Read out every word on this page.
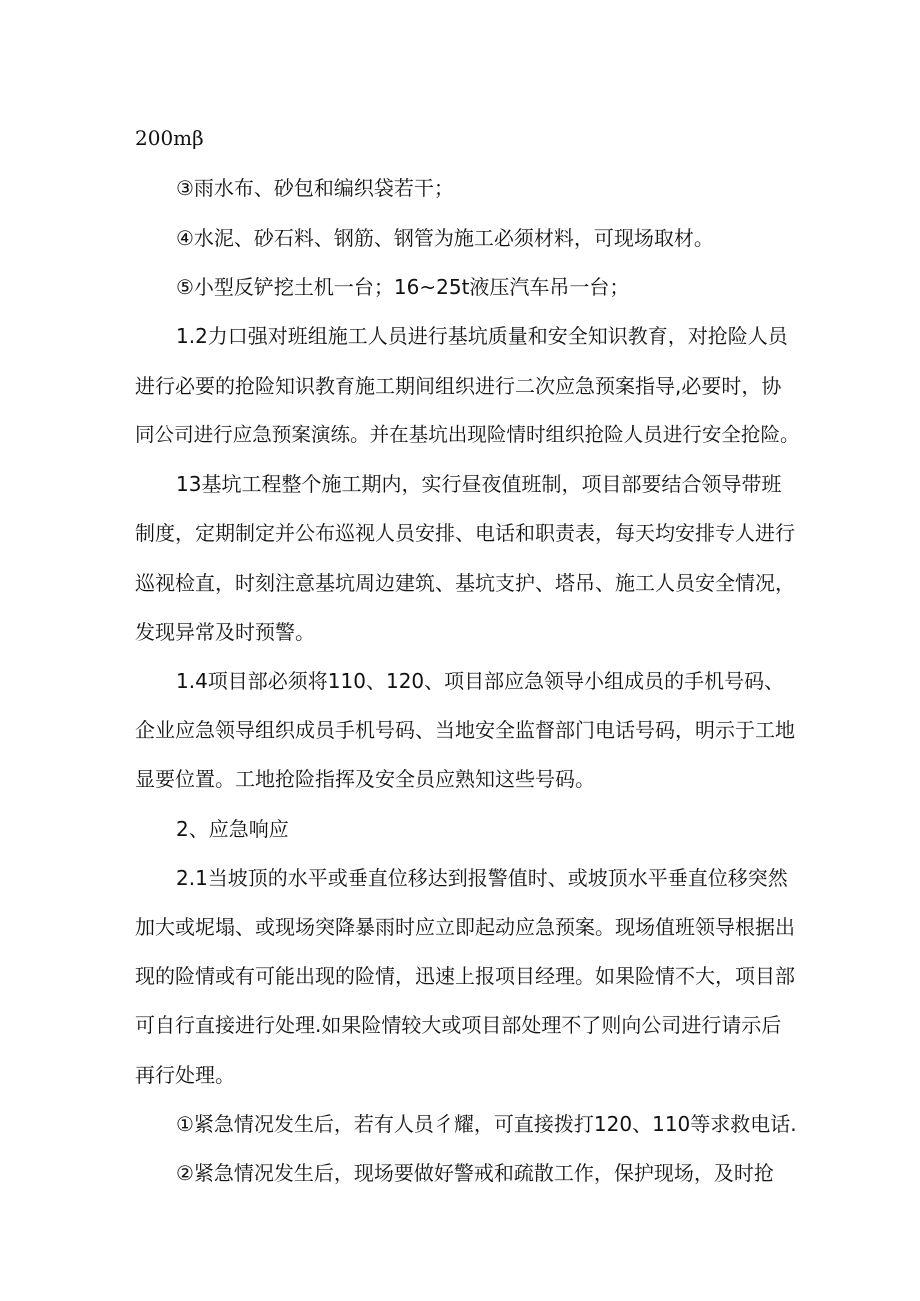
200mβ
③雨水布、砂包和编织袋若干；
④水泥、砂石料、钢筋、钢管为施工必须材料，可现场取材。
⑤小型反铲挖土机一台；16~25t液压汽车吊一台；
1.2力口强对班组施工人员进行基坑质量和安全知识教育，对抢险人员
进行必要的抢险知识教育施工期间组织进行二次应急预案指导,必要时，协
同公司进行应急预案演练。并在基坑出现险情时组织抢险人员进行安全抢险。
13基坑工程整个施工期内，实行昼夜值班制，项目部要结合领导带班
制度，定期制定并公布巡视人员安排、电话和职责表，每天均安排专人进行
巡视检直，时刻注意基坑周边建筑、基坑支护、塔吊、施工人员安全情况，
发现异常及时预警。
1.4项目部必须将110、120、项目部应急领导小组成员的手机号码、
企业应急领导组织成员手机号码、当地安全监督部门电话号码，明示于工地
显要位置。工地抢险指挥及安全员应熟知这些号码。
2、应急响应
2.1当坡顶的水平或垂直位移达到报警值时、或坡顶水平垂直位移突然
加大或坭塌、或现场突降暴雨时应立即起动应急预案。现场值班领导根据出
现的险情或有可能出现的险情，迅速上报项目经理。如果险情不大，项目部
可自行直接进行处理.如果险情较大或项目部处理不了则向公司进行请示后
再行处理。
①紧急情况发生后，若有人员彳耀，可直接拨打120、110等求救电话.
②紧急情况发生后，现场要做好警戒和疏散工作，保护现场，及时抢
